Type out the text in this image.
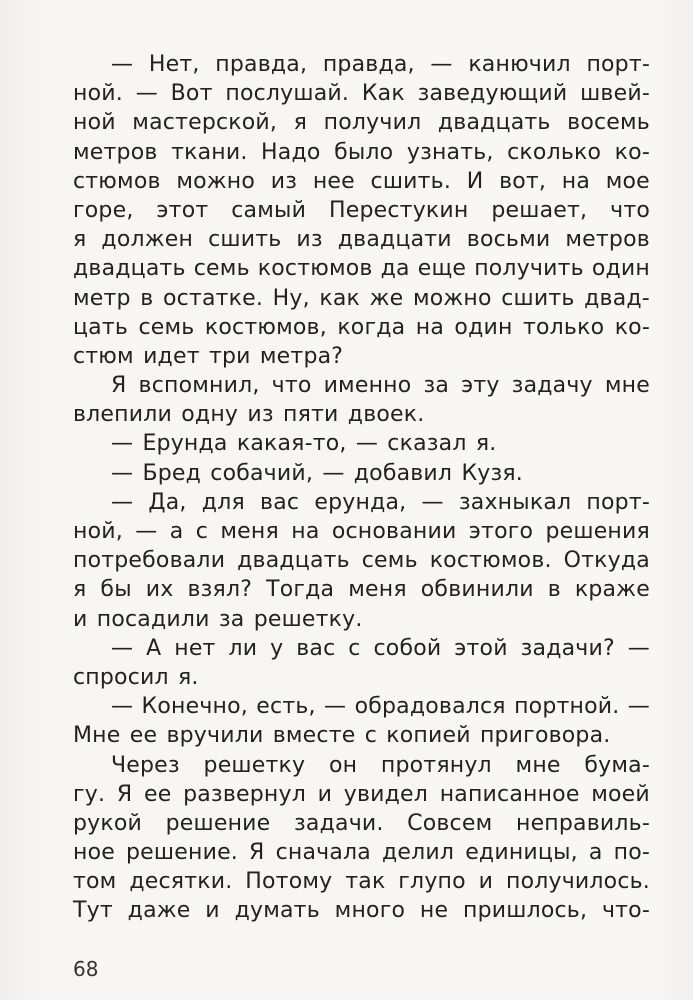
— Нет, правда, правда, — канючил порт-
ной. — Вот послушай. Как заведующий швей-
ной мастерской, я получил двадцать восемь
метров ткани. Надо было узнать, сколько ко-
стюмов можно из нее сшить. И вот, на мое
горе, этот самый Перестукин решает, что
я должен сшить из двадцати восьми метров
двадцать семь костюмов да еще получить один
метр в остатке. Ну, как же можно сшить двад-
цать семь костюмов, когда на один только ко-
стюм идет три метра?
Я вспомнил, что именно за эту задачу мне
влепили одну из пяти двоек.
— Ерунда какая-то, — сказал я.
— Бред собачий, — добавил Кузя.
— Да, для вас ерунда, — захныкал порт-
ной, — а с меня на основании этого решения
потребовали двадцать семь костюмов. Откуда
я бы их взял? Тогда меня обвинили в краже
и посадили за решетку.
— А нет ли у вас с собой этой задачи? —
спросил я.
— Конечно, есть, — обрадовался портной. —
Мне ее вручили вместе с копией приговора.
Через решетку он протянул мне бума-
гу. Я ее развернул и увидел написанное моей
рукой решение задачи. Совсем неправиль-
ное решение. Я сначала делил единицы, а по-
том десятки. Потому так глупо и получилось.
Тут даже и думать много не пришлось, что-
68
